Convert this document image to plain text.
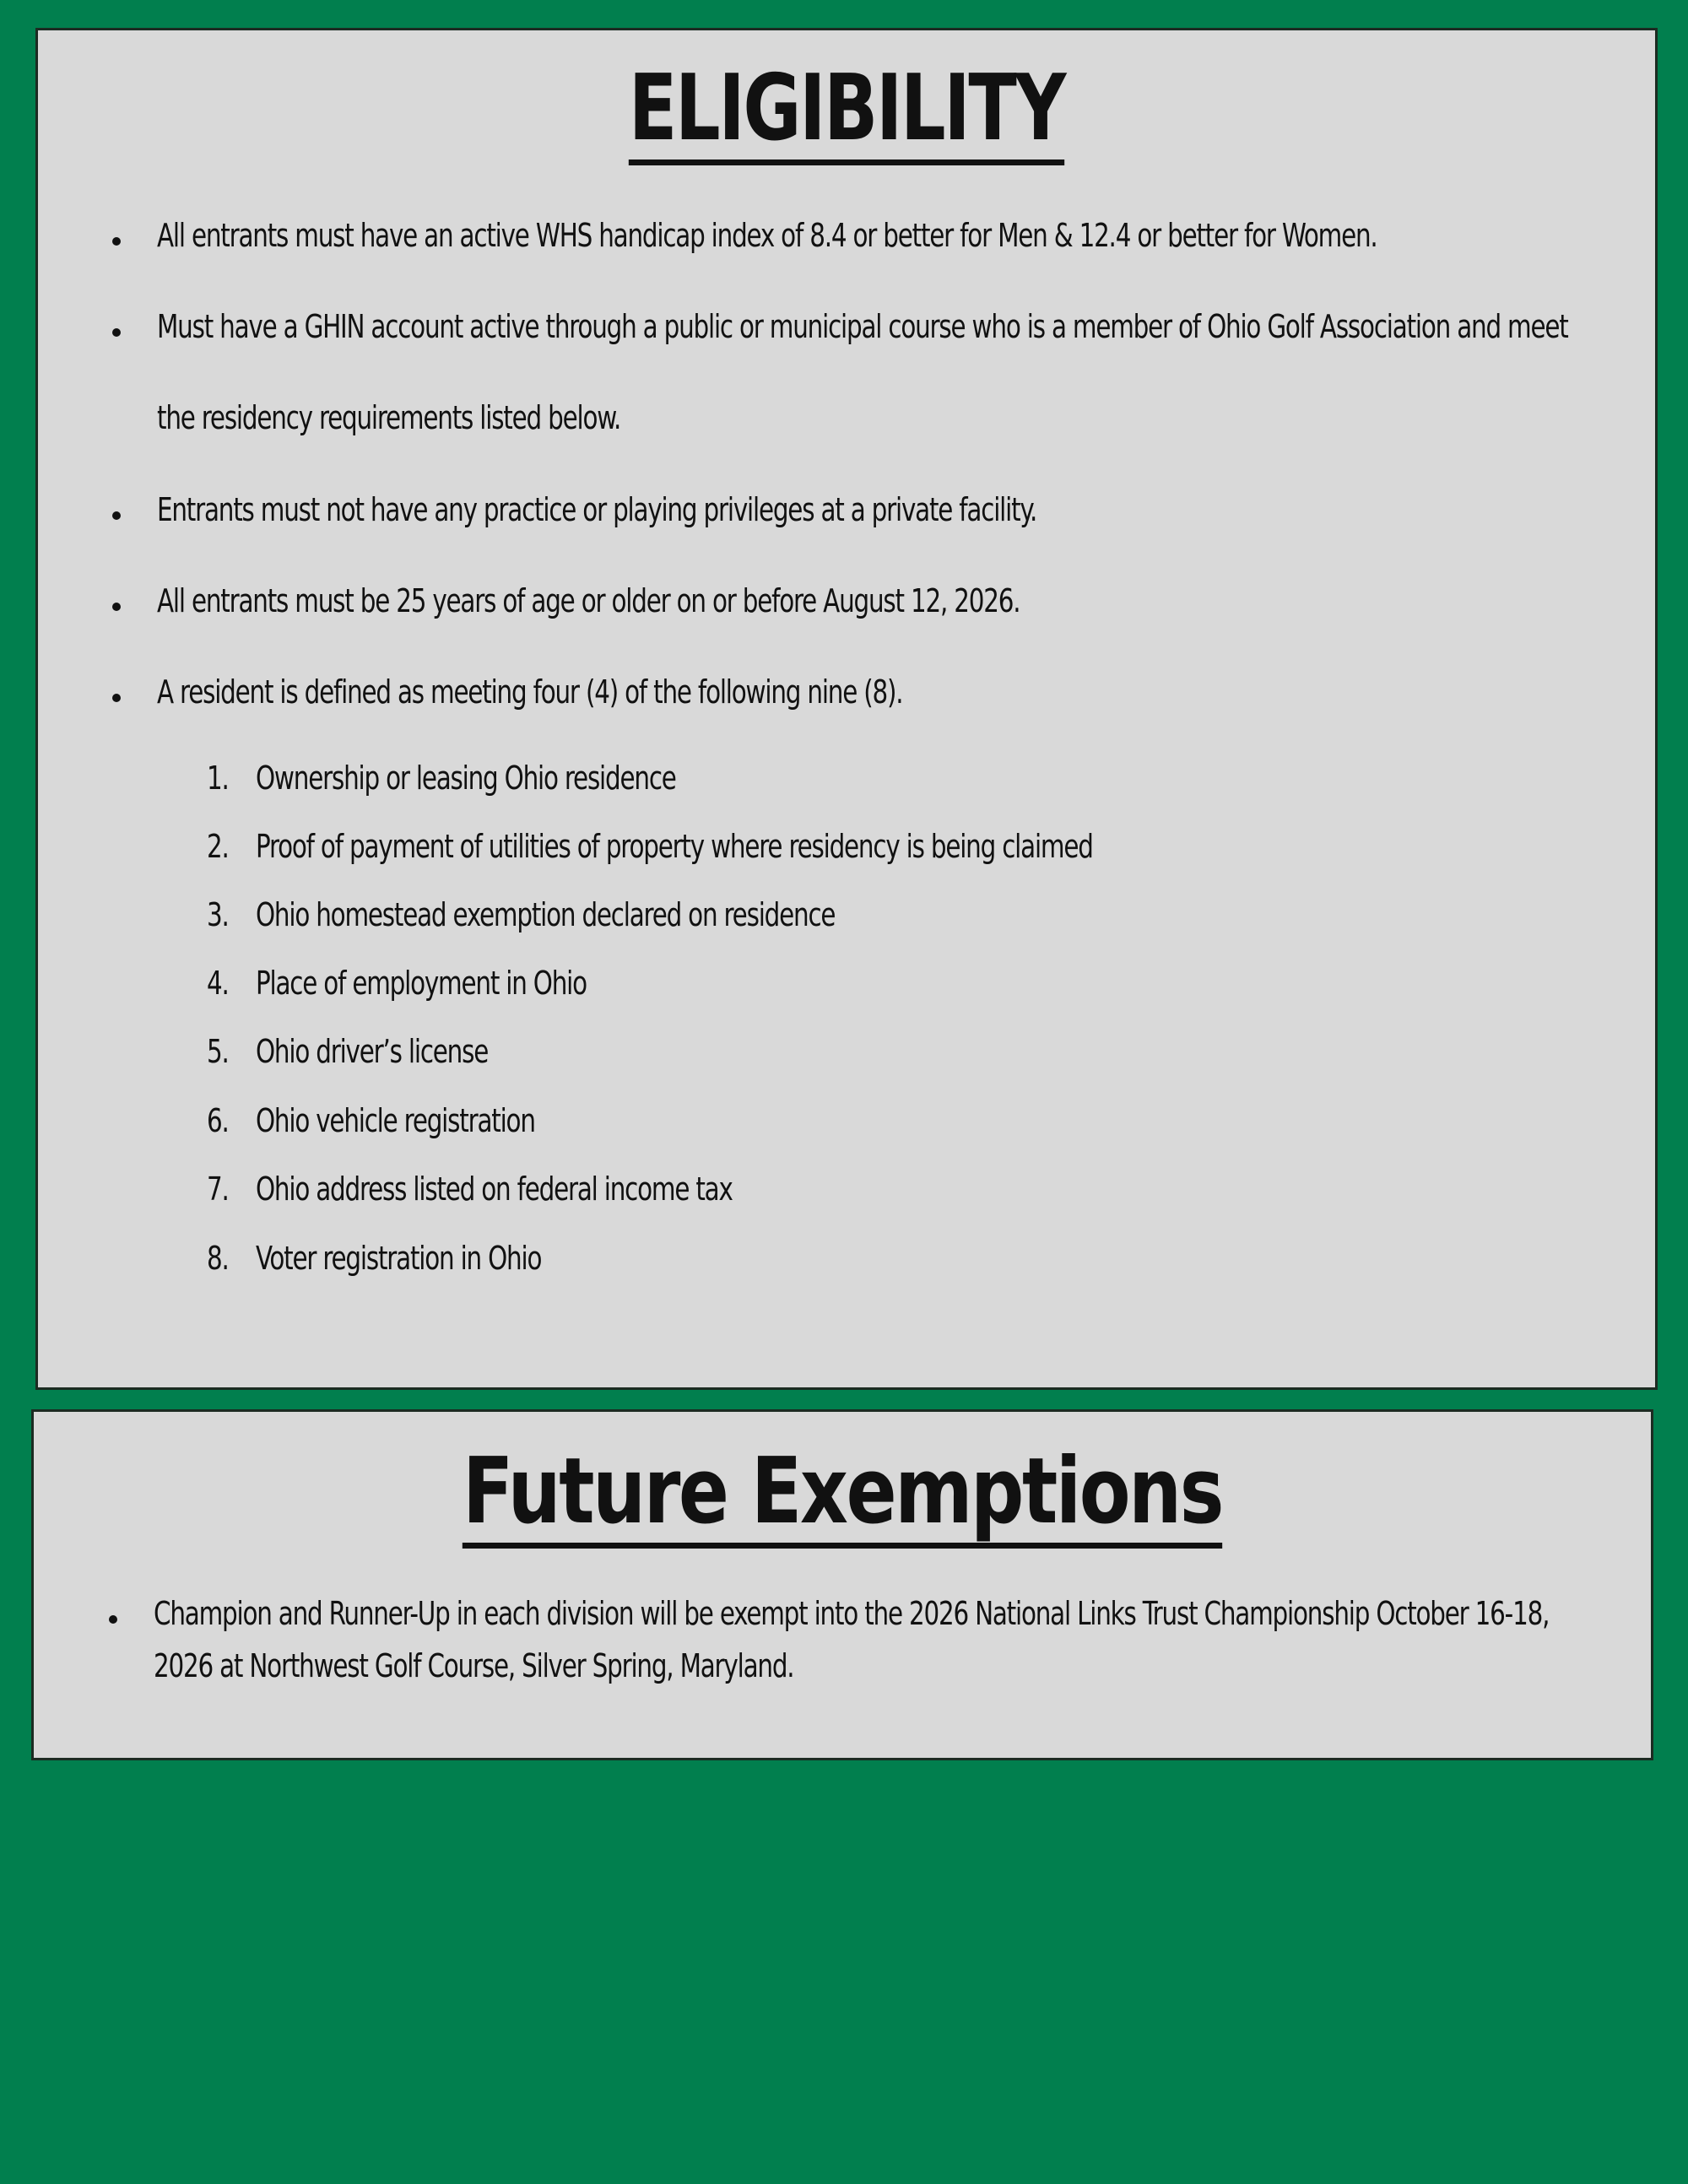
ELIGIBILITY
All entrants must have an active WHS handicap index of 8.4 or better for Men & 12.4 or better for Women.
Must have a GHIN account active through a public or municipal course who is a member of Ohio Golf Association and meet
the residency requirements listed below.
Entrants must not have any practice or playing privileges at a private facility.
All entrants must be 25 years of age or older on or before August 12, 2026.
A resident is defined as meeting four (4) of the following nine (8).
1. Ownership or leasing Ohio residence
2. Proof of payment of utilities of property where residency is being claimed
3. Ohio homestead exemption declared on residence
4. Place of employment in Ohio
5. Ohio driver’s license
6. Ohio vehicle registration
7. Ohio address listed on federal income tax
8. Voter registration in Ohio
Future Exemptions
Champion and Runner-Up in each division will be exempt into the 2026 National Links Trust Championship October 16-18,
2026 at Northwest Golf Course, Silver Spring, Maryland.
